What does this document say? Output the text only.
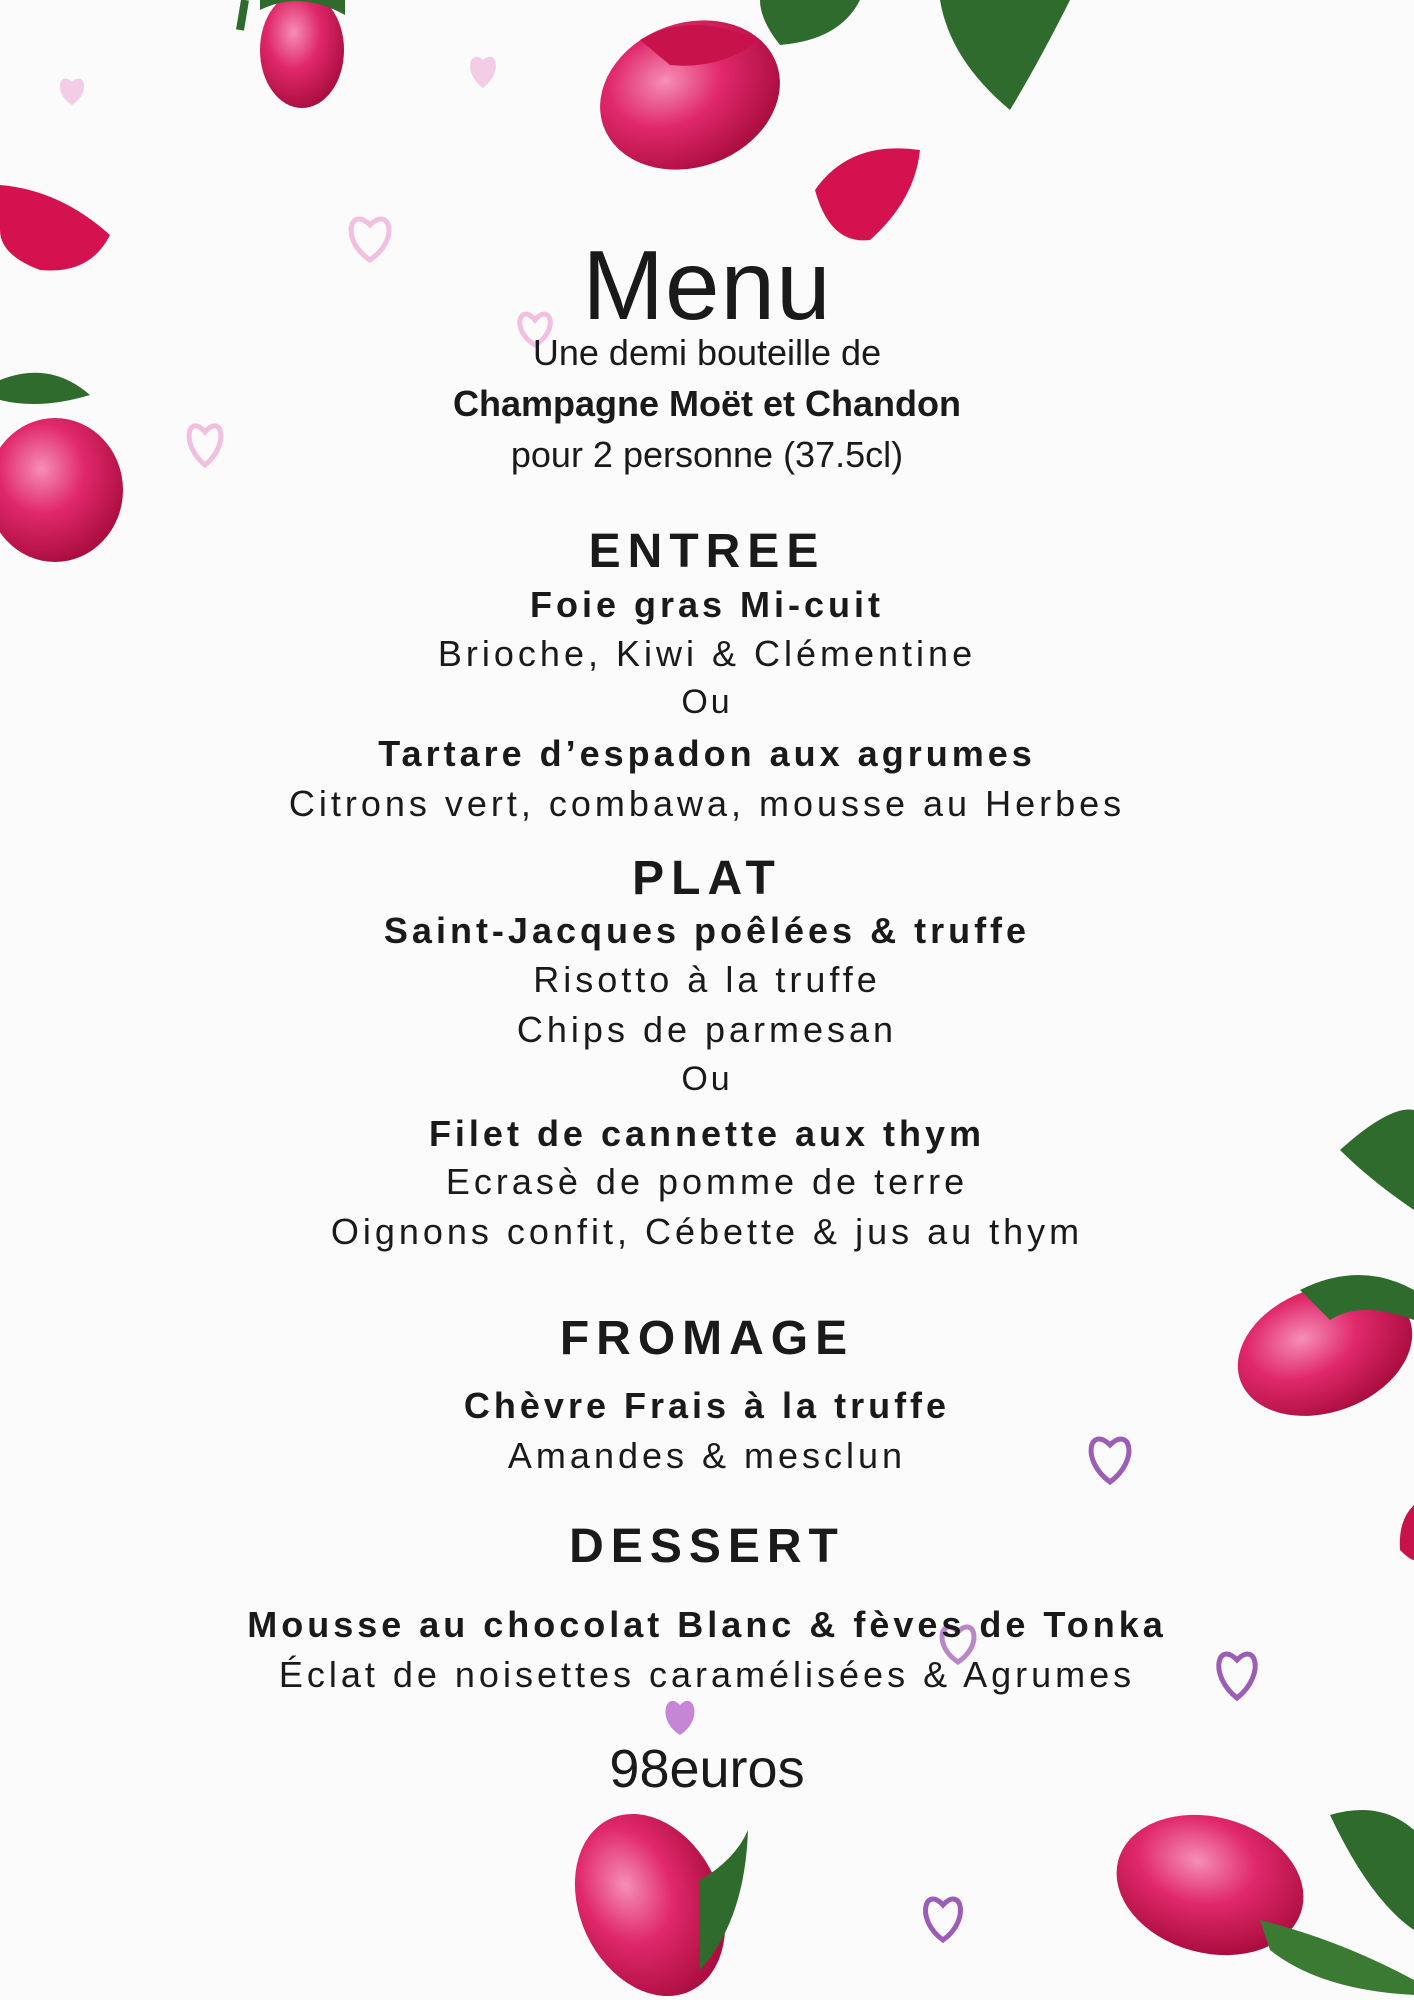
Menu
Une demi bouteille de
Champagne Moët et Chandon
pour 2 personne (37.5cl)
ENTREE
Foie gras Mi-cuit
Brioche, Kiwi & Clémentine
Ou
Tartare d’espadon aux agrumes
Citrons vert, combawa, mousse au Herbes
PLAT
Saint-Jacques poêlées & truffe
Risotto à la truffe
Chips de parmesan
Ou
Filet de cannette aux thym
Ecrasè de pomme de terre
Oignons confit, Cébette & jus au thym
FROMAGE
Chèvre Frais à la truffe
Amandes & mesclun
DESSERT
Mousse au chocolat Blanc & fèves de Tonka
Éclat de noisettes caramélisées & Agrumes
98euros
